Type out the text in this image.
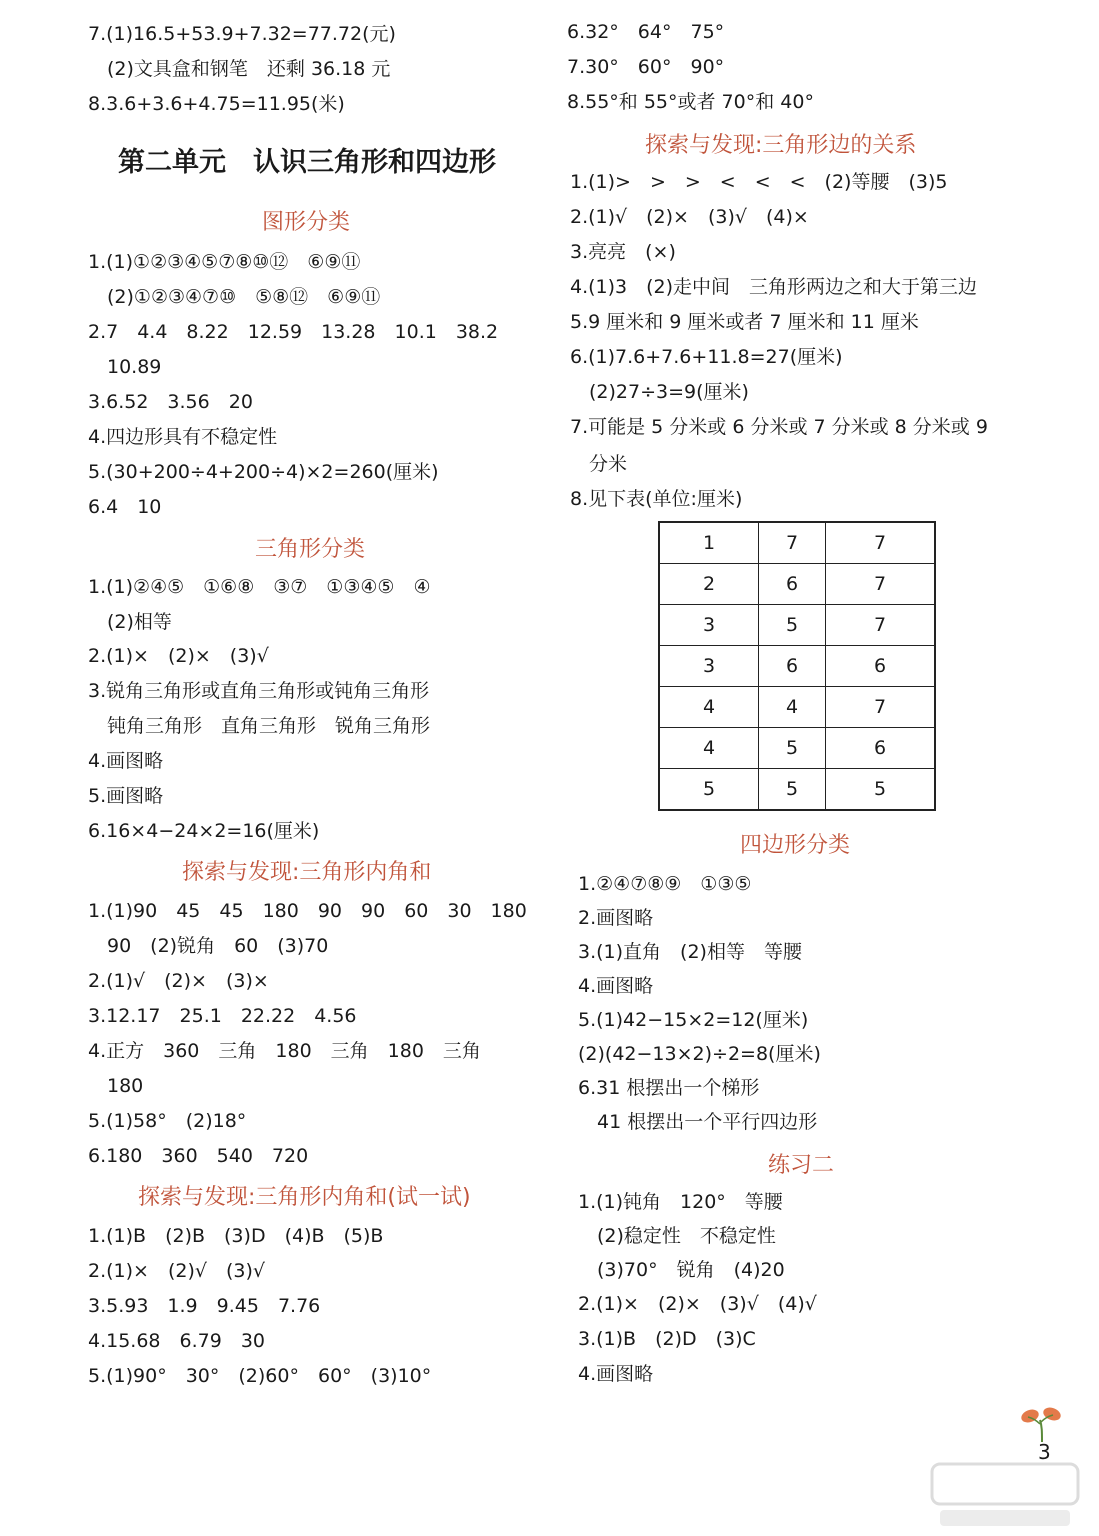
7.(1)16.5+53.9+7.32=77.72(元)
　(2)文具盒和钢笔　还剩 36.18 元
8.3.6+3.6+4.75=11.95(米)
第二单元　认识三角形和四边形
图形分类
1.(1)①②③④⑤⑦⑧⑩⑫　⑥⑨⑪
　(2)①②③④⑦⑩　⑤⑧⑫　⑥⑨⑪
2.7　4.4　8.22　12.59　13.28　10.1　38.2
　10.89
3.6.52　3.56　20
4.四边形具有不稳定性
5.(30+200÷4+200÷4)×2=260(厘米)
6.4　10
三角形分类
1.(1)②④⑤　①⑥⑧　③⑦　①③④⑤　④
　(2)相等
2.(1)×　(2)×　(3)√
3.锐角三角形或直角三角形或钝角三角形
　钝角三角形　直角三角形　锐角三角形
4.画图略
5.画图略
6.16×4−24×2=16(厘米)
探索与发现:三角形内角和
1.(1)90　45　45　180　90　90　60　30　180
　90　(2)锐角　60　(3)70
2.(1)√　(2)×　(3)×
3.12.17　25.1　22.22　4.56
4.正方　360　三角　180　三角　180　三角
　180
5.(1)58°　(2)18°
6.180　360　540　720
探索与发现:三角形内角和(试一试)
1.(1)B　(2)B　(3)D　(4)B　(5)B
2.(1)×　(2)√　(3)√
3.5.93　1.9　9.45　7.76
4.15.68　6.79　30
5.(1)90°　30°　(2)60°　60°　(3)10°
6.32°　64°　75°
7.30°　60°　90°
8.55°和 55°或者 70°和 40°
探索与发现:三角形边的关系
1.(1)>　>　>　<　<　<　(2)等腰　(3)5
2.(1)√　(2)×　(3)√　(4)×
3.亮亮　(×)
4.(1)3　(2)走中间　三角形两边之和大于第三边
5.9 厘米和 9 厘米或者 7 厘米和 11 厘米
6.(1)7.6+7.6+11.8=27(厘米)
　(2)27÷3=9(厘米)
7.可能是 5 分米或 6 分米或 7 分米或 8 分米或 9
　分米
8.见下表(单位:厘米)
1	7	7
2	6	7
3	5	7
3	6	6
4	4	7
4	5	6
5	5	5
四边形分类
1.②④⑦⑧⑨　①③⑤
2.画图略
3.(1)直角　(2)相等　等腰
4.画图略
5.(1)42−15×2=12(厘米)
(2)(42−13×2)÷2=8(厘米)
6.31 根摆出一个梯形
　41 根摆出一个平行四边形
练习二
1.(1)钝角　120°　等腰
　(2)稳定性　不稳定性
　(3)70°　锐角　(4)20
2.(1)×　(2)×　(3)√　(4)√
3.(1)B　(2)D　(3)C
4.画图略
3
